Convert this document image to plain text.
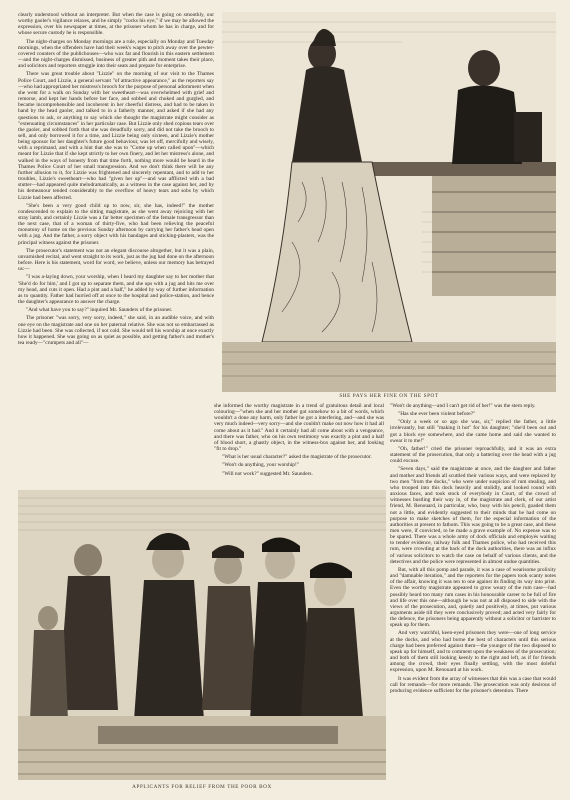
clearly understood without an interpreter. But when the case is going on smoothly, our worthy gaoler's vigilance relaxes, and he simply "cocks his eye," if we may be allowed the expression, over his newspaper at times, at the prisoner whom he has in charge, and for whose secure custody he is responsible.

The night-charges on Monday mornings are a rule, especially on Monday and Tuesday mornings, when the offenders have had their week's wages to pitch away over the pewter-covered counters of the publichouses—who wax fat and flourish in this eastern settlement—and the night-charges dismissed, business of greater pith and moment takes their place, and solicitors and reporters struggle into their seats and prepare for enterprise.

There was great trouble about "Lizzie" on the morning of our visit to the Thames Police Court, and Lizzie, a general servant "of attractive appearance," as the reporters say—who had appropriated her mistress's brooch for the purpose of personal adornment when she went for a walk on Sunday with her sweetheart—was overwhelmed with grief and remorse, and kept her hands before her face, and sobbed and choked and gurgled, and became incomprehensible and incoherent in her cheerful distress, and had to be taken in hand by the head gaoler, and talked to in a fatherly manner, and asked if she had any questions to ask, or anything to say which she thought the magistrate might consider as "extenuating circumstances" in her particular case. But Lizzie only shed copious tears over the gaoler, and sobbed forth that she was dreadfully sorry, and did not take the brooch to sell, and only borrowed it for a time, and Lizzie being only sixteen, and Lizzie's mother being sponsor for her daughter's future good behaviour, was let off, mercifully and wisely, with a reprimand, and with a hint that she was to "Come up when called upon"—which meant for Lizzie that if she kept strictly to her own finery, and let her mistress's alone, and walked in the ways of honesty from that time forth, nothing more would be heard in the Thames Police Court of her small transgression. And we don't think there will be any further allusion to it, for Lizzie was frightened and sincerely repentant, and to add to her troubles, Lizzie's sweetheart—who had "given her up"—and was afflicted with a bad stutter—had appeared quite melodramatically, as a witness in the case against her, and by his demeanour tended considerably to the overflow of heavy tears and sobs by which Lizzie had been affected.

"She's been a very good child up to now, sir, she has, indeed!" the mother condescended to explain to the sitting magistrate, as she went away rejoicing with her stray lamb, and certainly Lizzie was a far better specimen of the female transgressor than the next case, that of a woman of thirty-five, who had been relieving the peaceful monotony of home on the previous Sunday afternoon by carrying her father's head open with a jug. And the father, a sorry object with his bandages and sticking-plasters, was the principal witness against the prisoner.

The prosecutor's statement was not an elegant discourse altogether, but it was a plain, unvarnished recital, and went straight to its work, just as the jug had done on the afternoon before. Here is his statement, word for word, we believe, unless our memory has betrayed us:—

"I was a-laying down, your worship, when I heard my daughter say to her mother that 'She'd do for him,' and I got up to separate them, and she ups with a jug and hits me over my head, and cuts it open. Had a pint and a half," he added by way of further information as to quantity. Father had hurried off at once to the hospital and police-station, and hence the daughter's appearance to answer the charge.

"And what have you to say?" inquired Mr. Saunders of the prisoner.

The prisoner "was sorry, very sorry, indeed," she said, in an audible voice, and with one eye on the magistrate and one on her paternal relative. She was not so embarrassed as Lizzie had been. She was collected, if not cold. She would tell his worship at once exactly how it happened. She was going on as quiet as possible, and getting father's and mother's tea ready—"crumpets and all"—

SHE PAYS HER FINE ON THE SPOT

she informed the worthy magistrate in a trend of gratuitous detail and local colouring—"when she and her mother got somehow to a bit of words, which wouldn't a done any harm, only father he got a interfering, and—and she was very much indeed—very sorry—and she couldn't make out now how it had all come about as it had." And it certainly had all come about with a vengeance, and there was father, who on his own testimony was exactly a pint and a half of blood short, a ghastly object, in the witness-box against her, and looking "fit to drop."

"What is her usual character?" asked the magistrate of the prosecutor.

"Won't do anything, your worship!"

"Will not work?" suggested Mr. Saunders.

"Won't do anything—and I can't get rid of her!" was the stern reply.

"Has she ever been violent before?"

"Only a week or so ago she was, sir," replied the father, a little irrelevantly, but still "making it hot" for his daughter; "she'd been out and got a block eye somewhere, and she came home and said she wanted to swear it to me!"

"Oh, father!" cried the prisoner reproachfully, and it was an extra statement of the prosecution, that only a battering over the head with a jug could excuse.

"Seven days," said the magistrate at once, and the daughter and father and mother and friends all scuttled their various ways, and were replaced by two men "from the docks," who were under suspicion of rum stealing, and who trooped into this dock heavily and stolidly, and looked round with anxious faces, and took stock of everybody in Court, of the crowd of witnesses bustling their way in, of the magistrate and clerk, of our artist friend, M. Renouard, in particular, who, busy with his pencil, goaded them not a little, and evidently suggested to their minds that he had come on purpose to make sketches of them, for the especial information of the authorities at present to fathom. This was going to be a great case, and these men were, if convicted, to be made a grave example of. No expense was to be spared. There was a whole army of dock officials and employés waiting to tender evidence, railway folk and Thames police, who had received this rum, were crowding at the back of the dock authorities, there was an influx of various solicitors to watch the case on behalf of various clients, and the detectives and the police were represented in almost undue quantities.

But, with all this pomp and parade, it was a case of wearisome prolixity and "damnable iteration," and the reporters for the papers took scanty notes of the affair, knowing it was ten to one against its finding its way into print. Even the worthy magistrate appeared to grow weary of the rum case—had possibly heard too many rum cases in his honourable career to be full of fire and life over this one—although he was not at all disposed to side with the views of the prosecution, and, quietly and positively, at times, put various arguments aside till they were conclusively proved; and acted very fairly for the defence, the prisoners being apparently without a solicitor or barrister to speak up for them.

And very watchful, keen-eyed prisoners they were—one of long service at the docks, and who had borne the best of characters until this serious charge had been preferred against them—the younger of the two disposed to speak up for himself, and to comment upon the weakness of the prosecution; and both of them still looking keenly to the right and left, as if for friends among the crowd, their eyes finally settling, with the most doleful expression, upon M. Renouard at his work.

It was evident from the array of witnesses that this was a case that would call for remands—for more remands. The prosecution was only desirous of producing evidence sufficient for the prisoner's detention. There

APPLICANTS FOR RELIEF FROM THE POOR BOX
